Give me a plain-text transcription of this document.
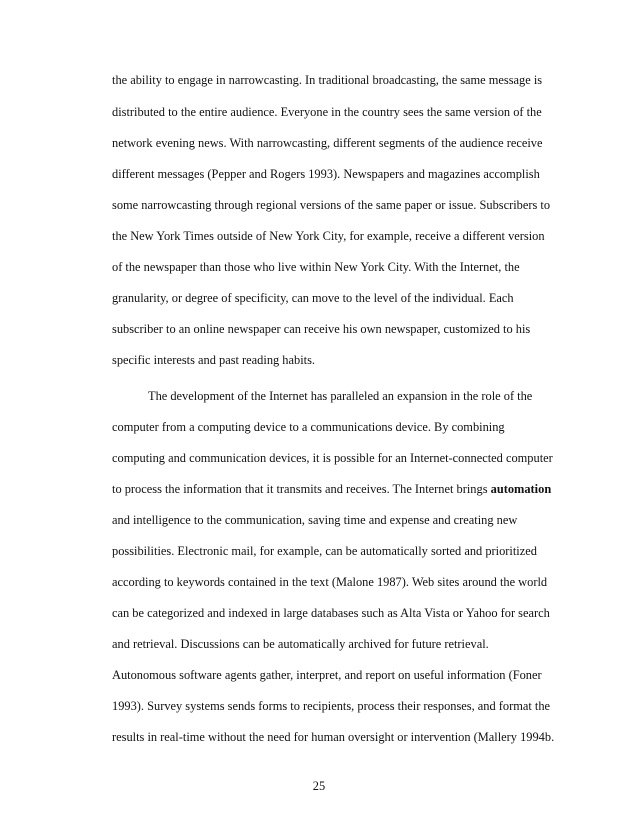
the ability to engage in narrowcasting. In traditional broadcasting, the same message is
distributed to the entire audience. Everyone in the country sees the same version of the
network evening news. With narrowcasting, different segments of the audience receive
different messages (Pepper and Rogers 1993). Newspapers and magazines accomplish
some narrowcasting through regional versions of the same paper or issue. Subscribers to
the New York Times outside of New York City, for example, receive a different version
of the newspaper than those who live within New York City. With the Internet, the
granularity, or degree of specificity, can move to the level of the individual. Each
subscriber to an online newspaper can receive his own newspaper, customized to his
specific interests and past reading habits.
The development of the Internet has paralleled an expansion in the role of the
computer from a computing device to a communications device. By combining
computing and communication devices, it is possible for an Internet-connected computer
to process the information that it transmits and receives. The Internet brings automation
and intelligence to the communication, saving time and expense and creating new
possibilities. Electronic mail, for example, can be automatically sorted and prioritized
according to keywords contained in the text (Malone 1987). Web sites around the world
can be categorized and indexed in large databases such as Alta Vista or Yahoo for search
and retrieval. Discussions can be automatically archived for future retrieval.
Autonomous software agents gather, interpret, and report on useful information (Foner
1993). Survey systems sends forms to recipients, process their responses, and format the
results in real-time without the need for human oversight or intervention (Mallery 1994b.
25
